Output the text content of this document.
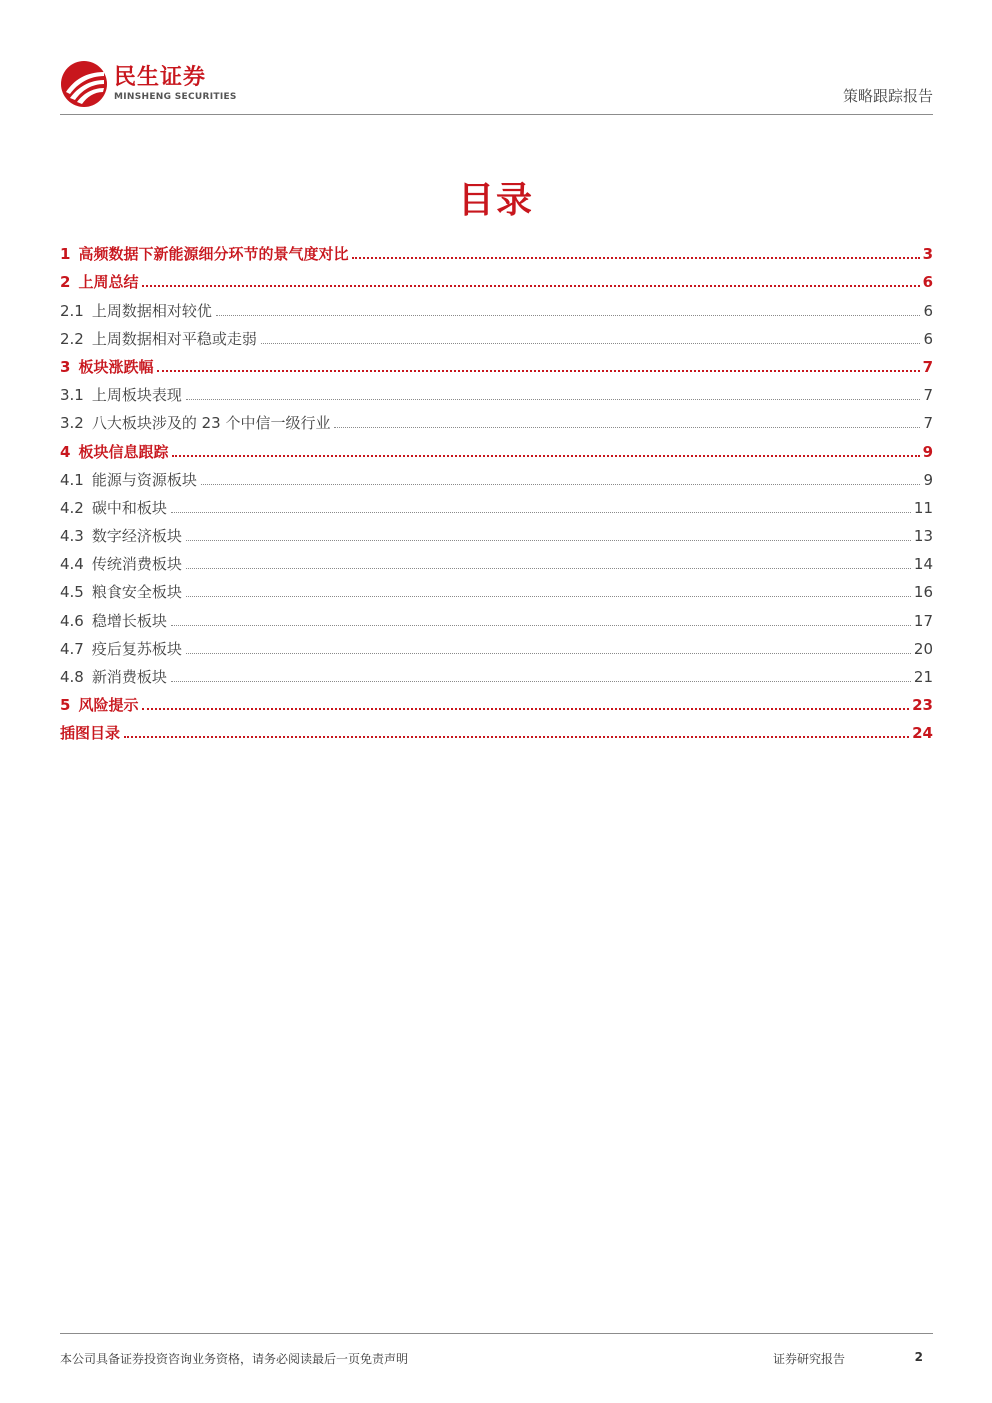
民生证券
MINSHENG SECURITIES	策略跟踪报告
目录
1 高频数据下新能源细分环节的景气度对比	3
2 上周总结	6
2.1 上周数据相对较优	6
2.2 上周数据相对平稳或走弱	6
3 板块涨跌幅	7
3.1 上周板块表现	7
3.2 八大板块涉及的 23 个中信一级行业	7
4 板块信息跟踪	9
4.1 能源与资源板块	9
4.2 碳中和板块	11
4.3 数字经济板块	13
4.4 传统消费板块	14
4.5 粮食安全板块	16
4.6 稳增长板块	17
4.7 疫后复苏板块	20
4.8 新消费板块	21
5 风险提示	23
插图目录	24
本公司具备证券投资咨询业务资格，请务必阅读最后一页免责声明	证券研究报告	2
